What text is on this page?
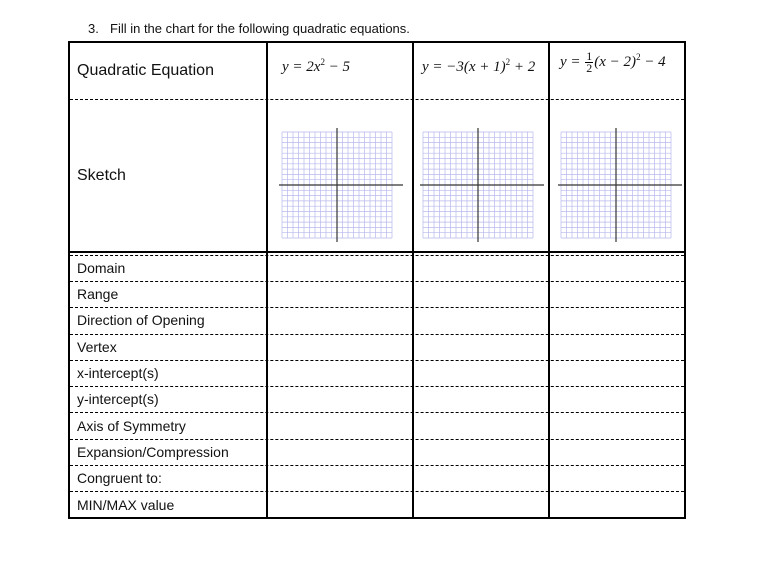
3. Fill in the chart for the following quadratic equations.
Quadratic Equation	$y = 2x^2 - 5$	$y = -3(x + 1)^2 + 2$ $y = \frac{1}{2} (x - 2)^2 - 4$
Sketch
Domain
Range
Direction of Opening
Vertex
x-intercept(s)
y-intercept(s)
Axis of Symmetry
Expansion/Compression
Congruent to:
MIN/MAX value
